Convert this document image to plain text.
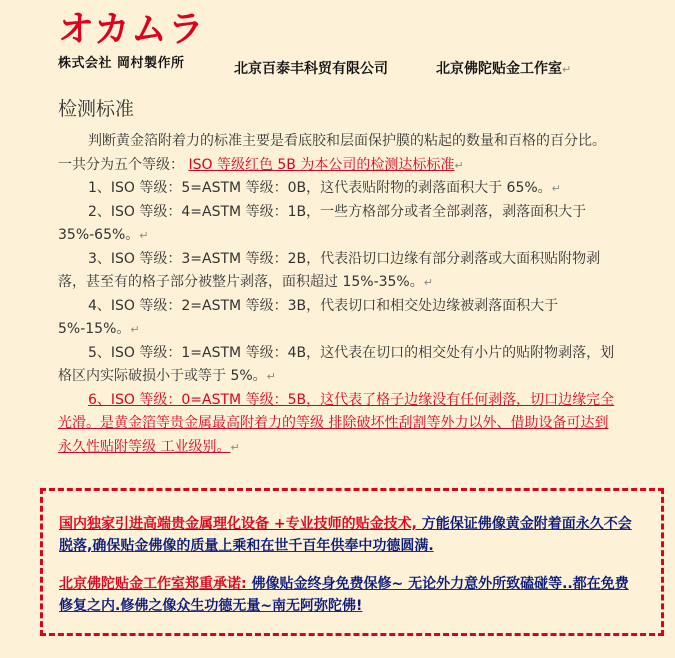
オカムラ
株式会社 岡村製作所	北京百泰丰科贸有限公司	北京佛陀贴金工作室↵
检测标准

判断黄金箔附着力的标准主要是看底胶和层面保护膜的粘起的数量和百格的百分比。一共分为五个等级： ISO 等级红色 5B 为本公司的检测达标标准↵

1、ISO 等级：5=ASTM 等级：0B，这代表贴附物的剥落面积大于 65%。↵

2、ISO 等级：4=ASTM 等级：1B，一些方格部分或者全部剥落，剥落面积大于 35%-65%。↵

3、ISO 等级：3=ASTM 等级：2B，代表沿切口边缘有部分剥落或大面积贴附物剥落，甚至有的格子部分被整片剥落，面积超过 15%-35%。↵

4、ISO 等级：2=ASTM 等级：3B，代表切口和相交处边缘被剥落面积大于 5%-15%。↵

5、ISO 等级：1=ASTM 等级：4B，这代表在切口的相交处有小片的贴附物剥落，划格区内实际破损小于或等于 5%。↵

6、ISO 等级：0=ASTM 等级：5B，这代表了格子边缘没有任何剥落，切口边缘完全光滑。是黄金箔等贵金属最高附着力的等级 排除破坏性刮割等外力以外、借助设备可达到永久性贴附等级 工业级别。↵

国内独家引进高端贵金属理化设备 +专业技师的贴金技术, 方能保证佛像黄金附着面永久不会脱落,确保贴金佛像的质量上乘和在世千百年供奉中功德圆满.

北京佛陀贴金工作室郑重承诺: 佛像贴金终身免费保修~ 无论外力意外所致磕碰等..都在免费修复之内.修佛之像众生功德无量~南无阿弥陀佛!
